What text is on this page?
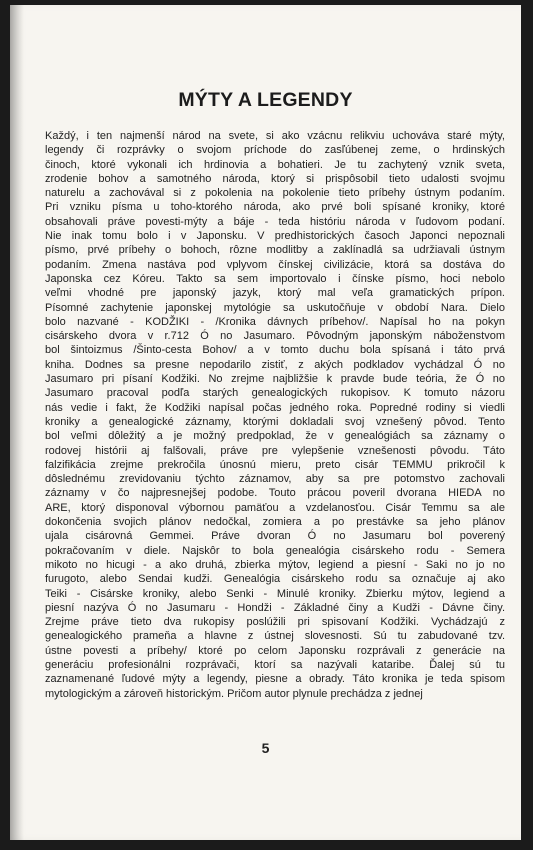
MÝTY A LEGENDY
Každý, i ten najmenší národ na svete, si ako vzácnu relikviu uchováva staré mýty,
legendy či rozprávky o svojom príchode do zasľúbenej zeme, o hrdinských
činoch, ktoré vykonali ich hrdinovia a bohatieri. Je tu zachytený vznik sveta,
zrodenie bohov a samotného národa, ktorý si prispôsobil tieto udalosti svojmu
naturelu a zachovával si z pokolenia na pokolenie tieto príbehy ústnym podaním.
Pri vzniku písma u toho-ktorého národa, ako prvé boli spísané kroniky, ktoré
obsahovali práve povesti-mýty a báje - teda históriu národa v ľudovom podaní.
Nie inak tomu bolo i v Japonsku. V predhistorických časoch Japonci nepoznali
písmo, prvé príbehy o bohoch, rôzne modlitby a zaklínadlá sa udržiavali ústnym
podaním. Zmena nastáva pod vplyvom čínskej civilizácie, ktorá sa dostáva do
Japonska cez Kóreu. Takto sa sem importovalo i čínske písmo, hoci nebolo
veľmi vhodné pre japonský jazyk, ktorý mal veľa gramatických prípon.
Písomné zachytenie japonskej mytológie sa uskutočňuje v období Nara. Dielo
bolo nazvané - KODŽIKI - /Kronika dávnych príbehov/. Napísal ho na pokyn
cisárskeho dvora v r.712 Ó no Jasumaro. Pôvodným japonským náboženstvom
bol šintoizmus /Šinto-cesta Bohov/ a v tomto duchu bola spísaná i táto prvá
kniha. Dodnes sa presne nepodarilo zistiť, z akých podkladov vychádzal Ó no
Jasumaro pri písaní Kodžiki. No zrejme najbližšie k pravde bude teória, že Ó no
Jasumaro pracoval podľa starých genealogických rukopisov. K tomuto názoru
nás vedie i fakt, že Kodžiki napísal počas jedného roka. Popredné rodiny si viedli
kroniky a genealogické záznamy, ktorými dokladali svoj vznešený pôvod. Tento
bol veľmi dôležitý a je možný predpoklad, že v genealógiách sa záznamy o
rodovej histórii aj falšovali, práve pre vylepšenie vznešenosti pôvodu. Táto
falzifikácia zrejme prekročila únosnú mieru, preto cisár TEMMU prikročil k
dôslednému zrevidovaniu týchto záznamov, aby sa pre potomstvo zachovali
záznamy v čo najpresnejšej podobe. Toutο prácou poveril dvorana HIEDA no
ARE, ktorý disponoval výbornou pamäťou a vzdelanosťou. Cisár Temmu sa ale
dokončenia svojich plánov nedočkal, zomiera a po prestávke sa jeho plánov
ujala cisárovná Gemmei. Práve dvoran Ó no Jasumaru bol poverený
pokračovaním v diele. Najskôr to bola genealógia cisárskeho rodu - Semera
mikoto no hicugi - a ako druhá, zbierka mýtov, legiend a piesní - Saki no jo no
furugoto, alebo Sendai kudži. Genealógia cisárskeho rodu sa označuje aj ako
Teiki - Cisárske kroniky, alebo Senki - Minulé kroniky. Zbierku mýtov, legiend a
piesní nazýva Ó no Jasumaru - Hondži - Základné činy a Kudži - Dávne činy.
Zrejme práve tieto dva rukopisy poslúžili pri spisovaní Kodžiki. Vychádzajú z
genealogického prameňa a hlavne z ústnej slovesnosti. Sú tu zabudované tzv.
ústne povesti a príbehy/ ktoré po celom Japonsku rozprávali z generácie na
generáciu profesionálni rozprávači, ktorí sa nazývali kataribe. Ďalej sú tu
zaznamenané ľudové mýty a legendy, piesne a obrady. Táto kronika je teda spisom
mytologickým a zároveň historickým. Pričom autor plynule prechádza z jednej
5
